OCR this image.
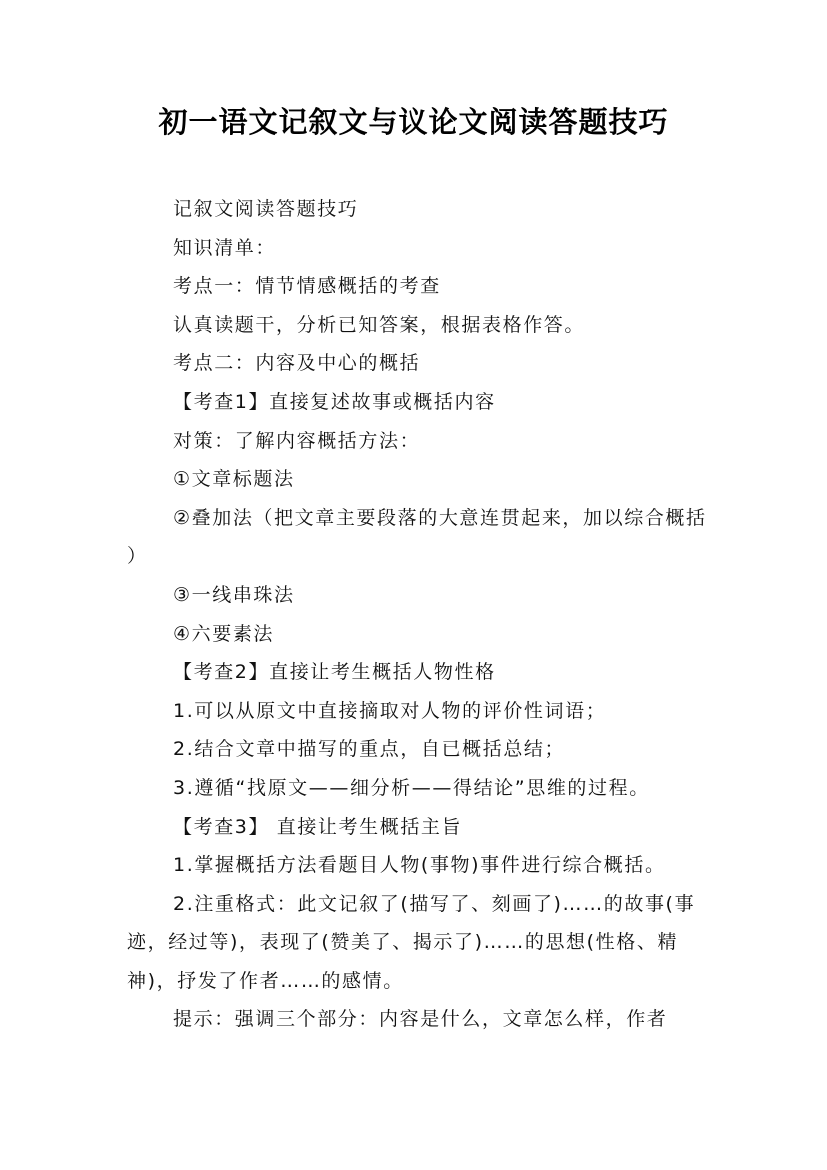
初一语文记叙文与议论文阅读答题技巧

记叙文阅读答题技巧

知识清单：

考点一：情节情感概括的考查

认真读题干，分析已知答案，根据表格作答。

考点二：内容及中心的概括

【考查1】直接复述故事或概括内容

对策：了解内容概括方法：

①文章标题法

②叠加法（把文章主要段落的大意连贯起来，加以综合概括 ）

③一线串珠法

④六要素法

【考查2】直接让考生概括人物性格

1.可以从原文中直接摘取对人物的评价性词语；

2.结合文章中描写的重点，自已概括总结；

3.遵循“找原文——细分析——得结论”思维的过程。

【考查3】 直接让考生概括主旨

1.掌握概括方法看题目人物(事物)事件进行综合概括。

2.注重格式：此文记叙了(描写了、刻画了)……的故事(事迹，经过等)，表现了(赞美了、揭示了)……的思想(性格、精神)，抒发了作者……的感情。

提示：强调三个部分：内容是什么，文章怎么样，作者
